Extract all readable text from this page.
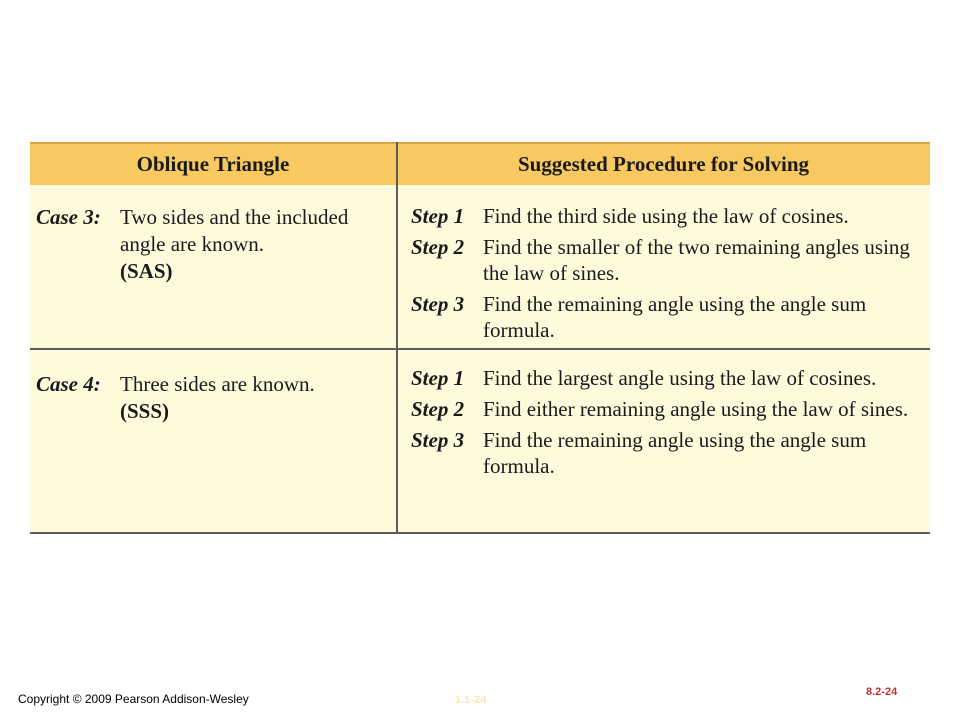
Oblique Triangle	Suggested Procedure for Solving
Case 3: Two sides and the included angle are known.
(SAS)
Step 1 Find the third side using the law of cosines.
Step 2 Find the smaller of the two remaining angles using the law of sines.
Step 3 Find the remaining angle using the angle sum formula.
Case 4: Three sides are known.
(SSS)
Step 1 Find the largest angle using the law of cosines.
Step 2 Find either remaining angle using the law of sines.
Step 3 Find the remaining angle using the angle sum formula.
Copyright © 2009 Pearson Addison-Wesley	1.1-24
8.2-24
